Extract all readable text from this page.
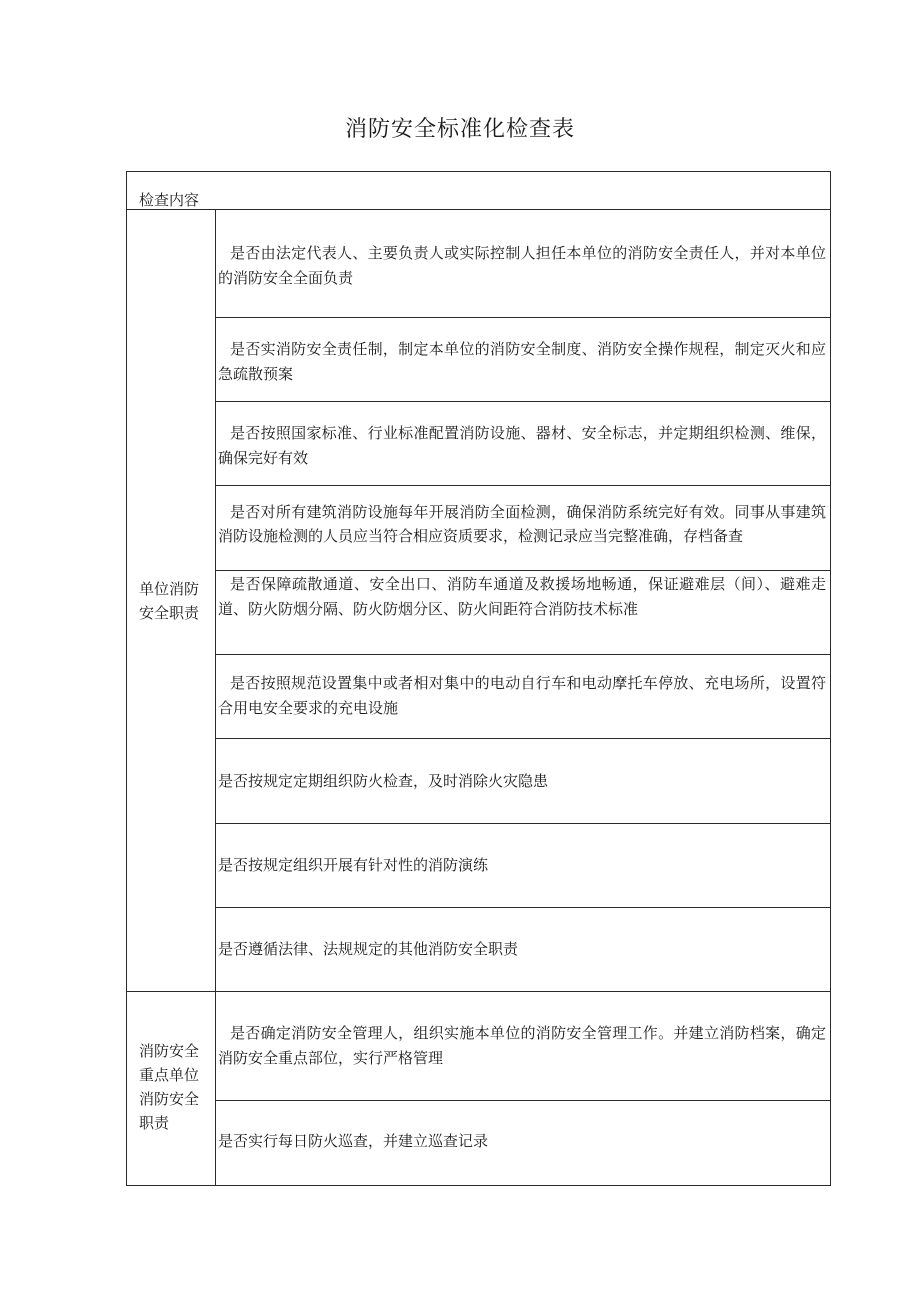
消防安全标准化检查表
检查内容
单位消防安全职责
是否由法定代表人、主要负责人或实际控制人担任本单位的消防安全责任人，并对本单位的消防安全全面负责
是否实消防安全责任制，制定本单位的消防安全制度、消防安全操作规程，制定灭火和应急疏散预案
是否按照国家标准、行业标准配置消防设施、器材、安全标志，并定期组织检测、维保，确保完好有效
是否对所有建筑消防设施每年开展消防全面检测，确保消防系统完好有效。同事从事建筑消防设施检测的人员应当符合相应资质要求，检测记录应当完整准确，存档备查
是否保障疏散通道、安全出口、消防车通道及救援场地畅通，保证避难层（间）、避难走道、防火防烟分隔、防火防烟分区、防火间距符合消防技术标准
是否按照规范设置集中或者相对集中的电动自行车和电动摩托车停放、充电场所，设置符合用电安全要求的充电设施
是否按规定定期组织防火检查，及时消除火灾隐患
是否按规定组织开展有针对性的消防演练
是否遵循法律、法规规定的其他消防安全职责
消防安全重点单位消防安全职责
是否确定消防安全管理人，组织实施本单位的消防安全管理工作。并建立消防档案，确定消防安全重点部位，实行严格管理
是否实行每日防火巡查，并建立巡查记录
